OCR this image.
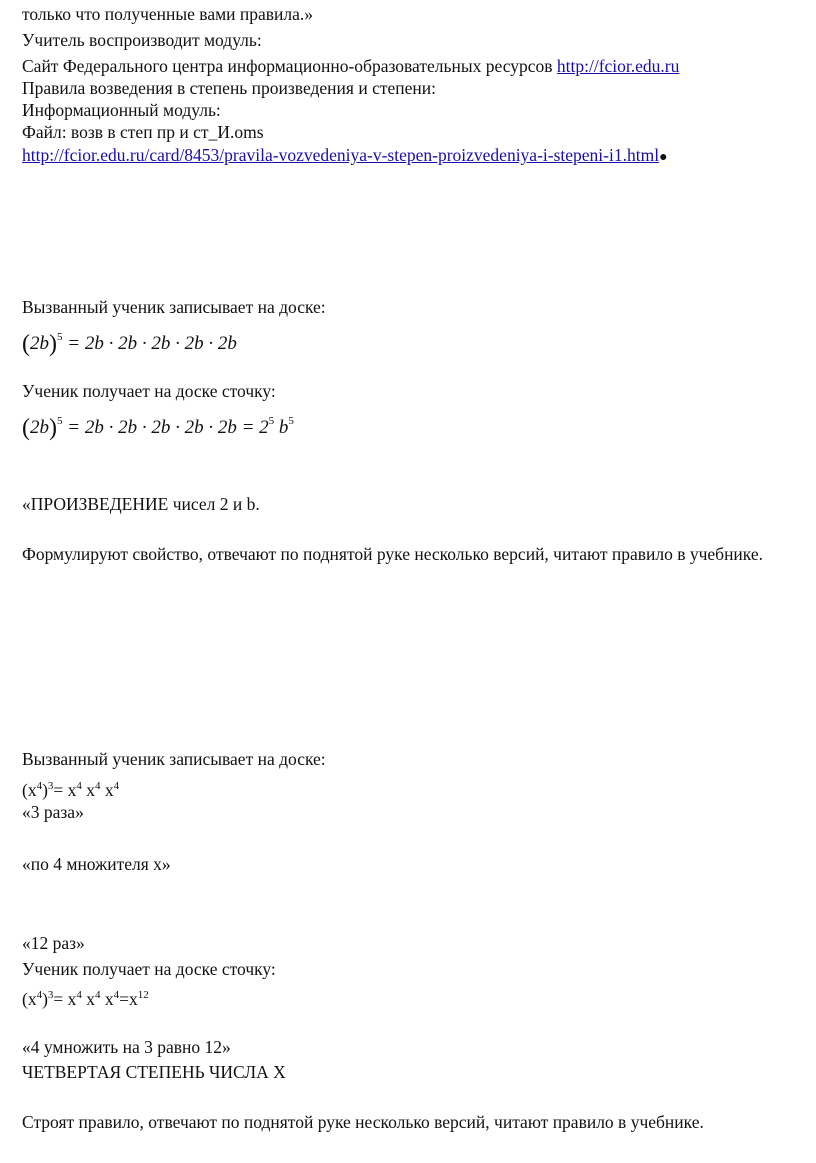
только что полученные вами правила.»
Учитель воспроизводит модуль:
Сайт Федерального центра информационно-образовательных ресурсов http://fcior.edu.ru
Правила возведения в степень произведения и степени:
Информационный модуль:
Файл: возв в степ пр и ст_И.oms
http://fcior.edu.ru/card/8453/pravila-vozvedeniya-v-stepen-proizvedeniya-i-stepeni-i1.html●
Вызванный ученик записывает на доске:
$(2b)^5 = 2b \cdot 2b \cdot 2b \cdot 2b \cdot 2b$
Ученик получает на доске сточку:
$(2b)^5 = 2b \cdot 2b \cdot 2b \cdot 2b \cdot 2b = 2^5$ $b^5$
«ПРОИЗВЕДЕНИЕ чисел 2 и b.
Формулируют свойство, отвечают по поднятой руке несколько версий, читают правило в учебнике.
Вызванный ученик записывает на доске:
$(x^4)^3= x^4$ $x^4$ $x^4$
«3 раза»
«по 4 множителя х»
«12 раз»
Ученик получает на доске сточку:
$(x^4)^3= x^4$ $x^4$ $x^4=x^{12}$
«4 умножить на 3 равно 12»
ЧЕТВЕРТАЯ СТЕПЕНЬ ЧИСЛА Х
Строят правило, отвечают по поднятой руке несколько версий, читают правило в учебнике.
